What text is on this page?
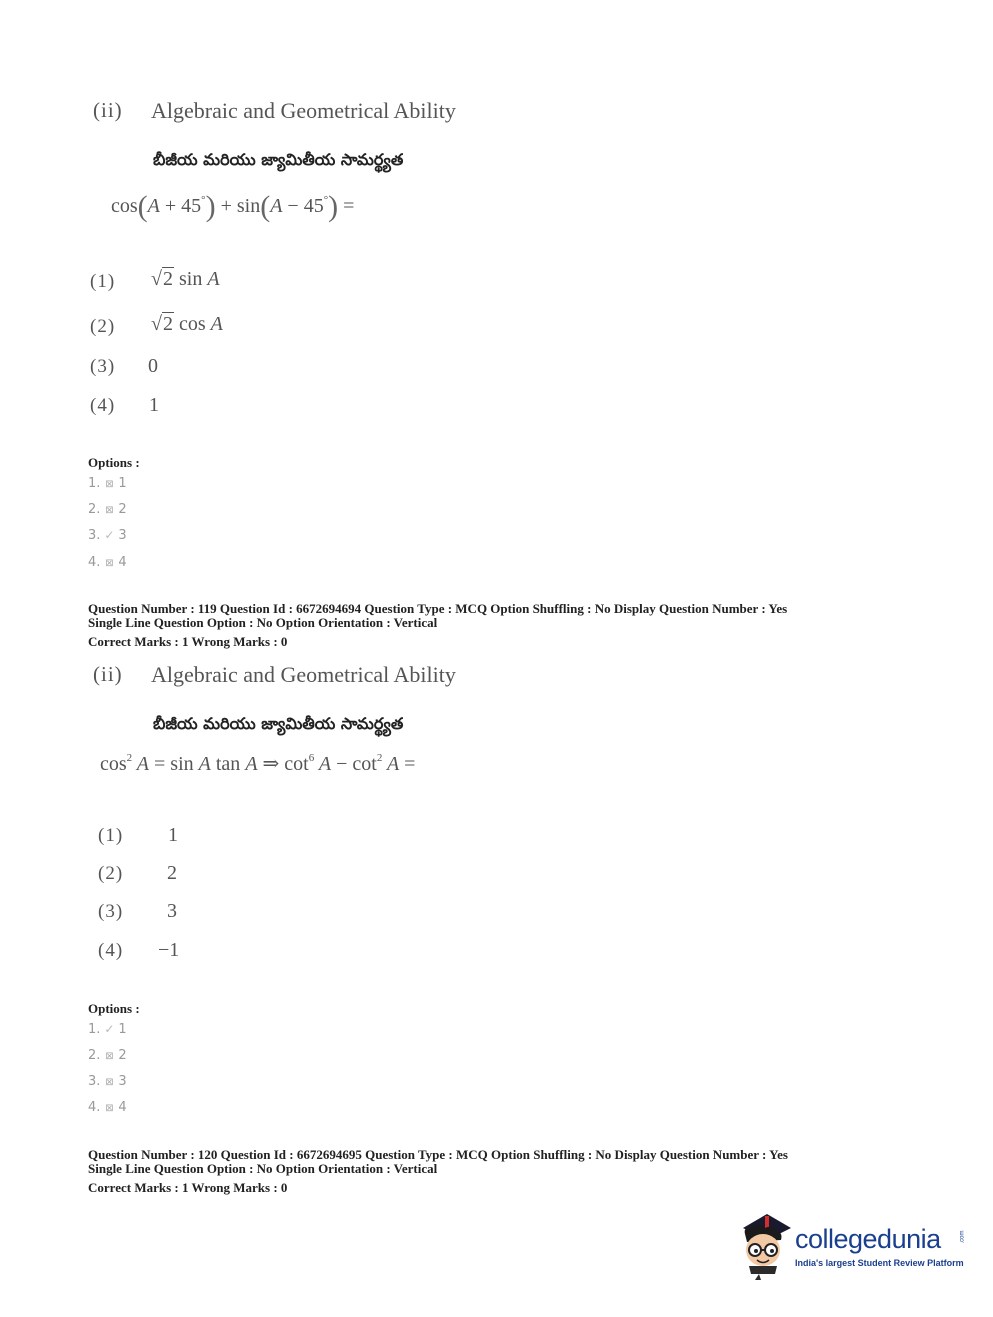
(ii) Algebraic and Geometrical Ability
బీజీయ మరియు జ్యామితీయ సామర్థ్యత
cos(A + 45°) + sin(A − 45°) =
(1) √2 sin A
(2) √2 cos A
(3) 0
(4) 1
Options :
1. ⊠ 1
2. ⊠ 2
3. ✓ 3
4. ⊠ 4
Question Number : 119 Question Id : 6672694694 Question Type : MCQ Option Shuffling : No Display Question Number : Yes
Single Line Question Option : No Option Orientation : Vertical
Correct Marks : 1 Wrong Marks : 0
(ii) Algebraic and Geometrical Ability
బీజీయ మరియు జ్యామితీయ సామర్థ్యత
$\cos^2 A = \sin A$ tan A ⇒ $\cot^6 A - \cot^2 A$ =
(1) 1
(2) 2
(3) 3
(4) −1
Options :
1. ✓ 1
2. ⊠ 2
3. ⊠ 3
4. ⊠ 4
Question Number : 120 Question Id : 6672694695 Question Type : MCQ Option Shuffling : No Display Question Number : Yes
Single Line Question Option : No Option Orientation : Vertical
Correct Marks : 1 Wrong Marks : 0
collegedunia	.com
India's largest Student Review Platform
